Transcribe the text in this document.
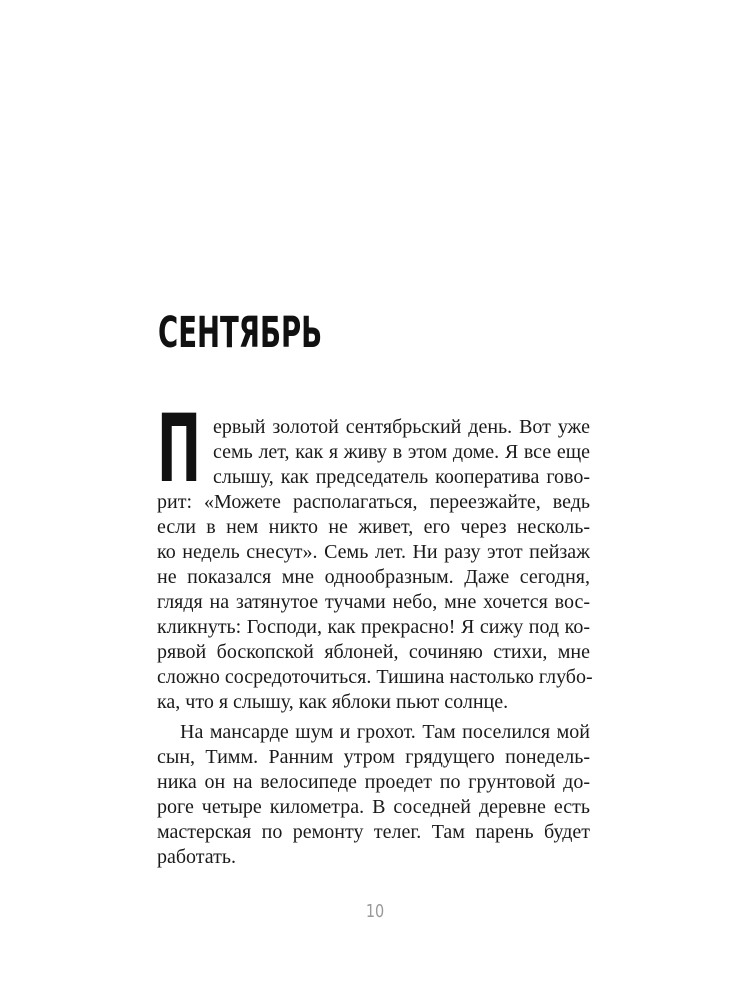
СЕНТЯБРЬ
П ервый золотой сентябрьский день. Вот уже

семь лет, как я живу в этом доме. Я все еще

слышу, как председатель кооператива гово-

рит: «Можете располагаться, переезжайте, ведь

если в нем никто не живет, его через несколь-

ко недель снесут». Семь лет. Ни разу этот пейзаж

не показался мне однообразным. Даже сегодня,

глядя на затянутое тучами небо, мне хочется вос-

кликнуть: Господи, как прекрасно! Я сижу под ко-

рявой боскопской яблоней, сочиняю стихи, мне

сложно сосредоточиться. Тишина настолько глубо-

ка, что я слышу, как яблоки пьют солнце.

На мансарде шум и грохот. Там поселился мой

сын, Тимм. Ранним утром грядущего понедель-

ника он на велосипеде проедет по грунтовой до-

роге четыре километра. В соседней деревне есть

мастерская по ремонту телег. Там парень будет

работать.

10
